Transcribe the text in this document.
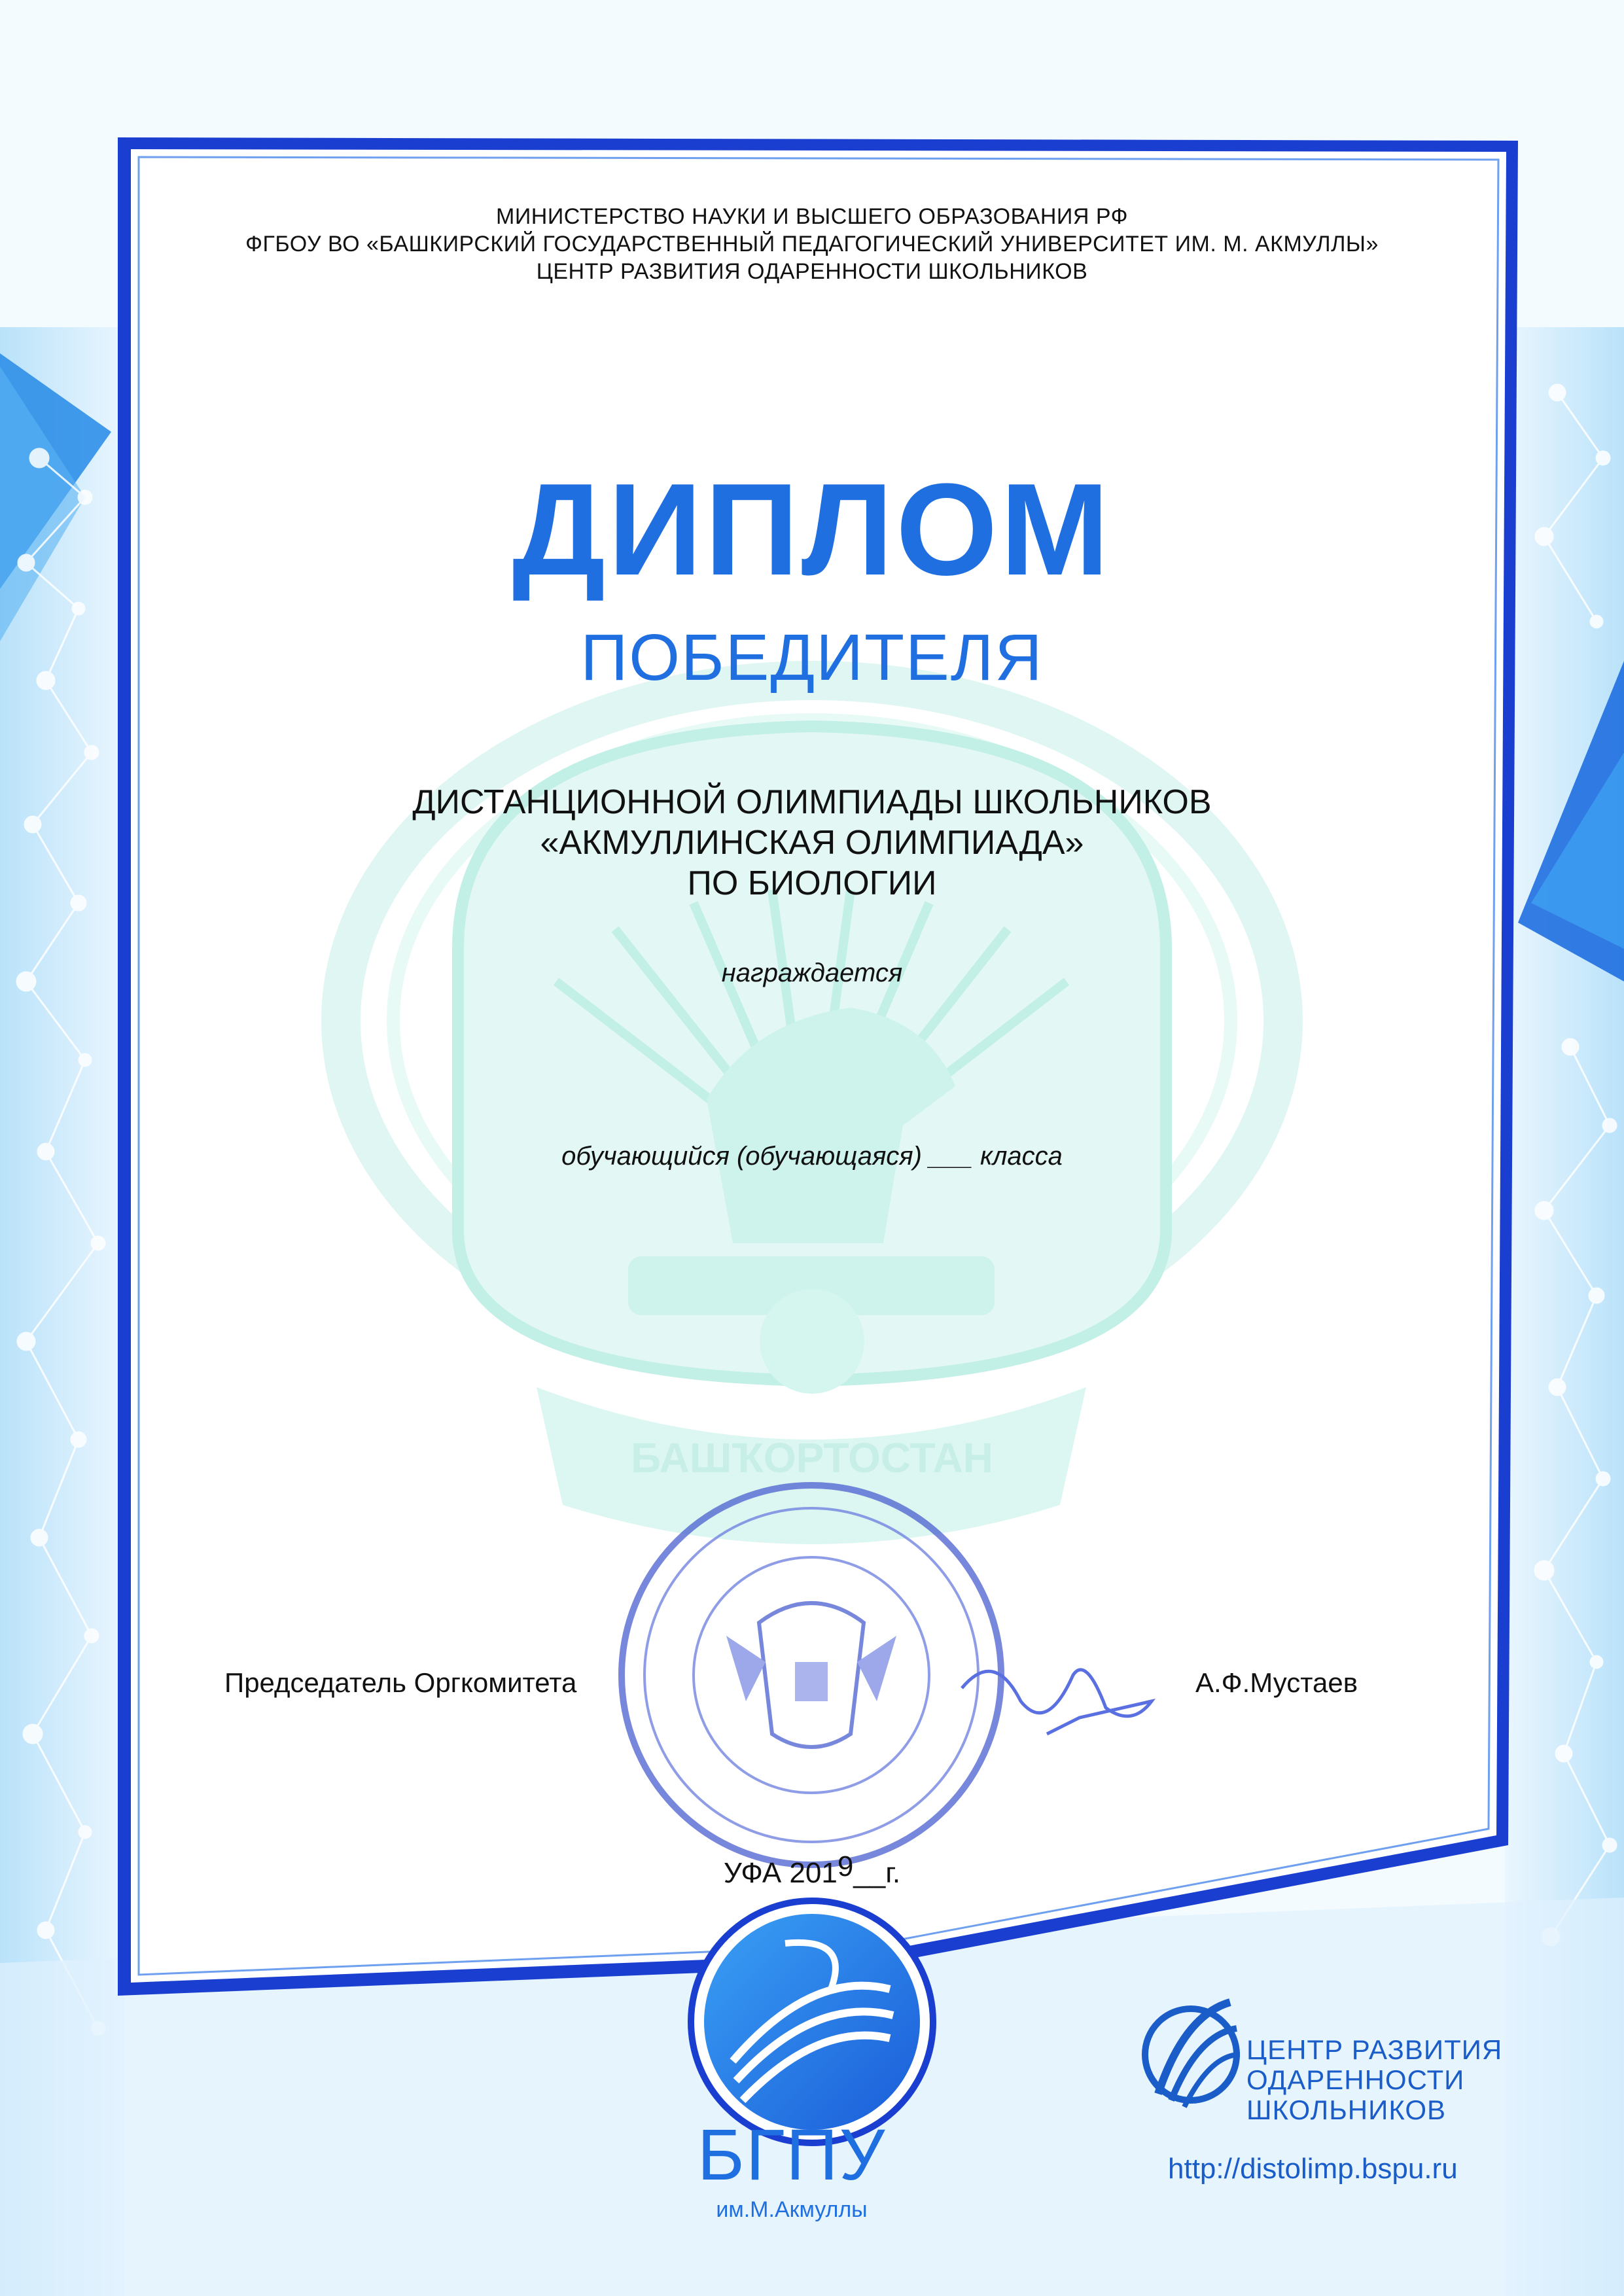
БАШҠОРТОСТАН
МИНИСТЕРСТВО НАУКИ И ВЫСШЕГО ОБРАЗОВАНИЯ РФ
ФГБОУ ВО «БАШКИРСКИЙ ГОСУДАРСТВЕННЫЙ ПЕДАГОГИЧЕСКИЙ УНИВЕРСИТЕТ ИМ. М. АКМУЛЛЫ»
ЦЕНТР РАЗВИТИЯ ОДАРЕННОСТИ ШКОЛЬНИКОВ
ДИПЛОМ
ПОБЕДИТЕЛЯ
ДИСТАНЦИОННОЙ ОЛИМПИАДЫ ШКОЛЬНИКОВ
«АКМУЛЛИНСКАЯ ОЛИМПИАДА»
ПО БИОЛОГИИ
награждается
обучающийся (обучающаяся) ___ класса
Председатель Оргкомитета	А.Ф.Мустаев
УФА 2019__г.
БГПУ
им.М.Акмуллы
ЦЕНТР РАЗВИТИЯ
ОДАРЕННОСТИ
ШКОЛЬНИКОВ
http://distolimp.bspu.ru
